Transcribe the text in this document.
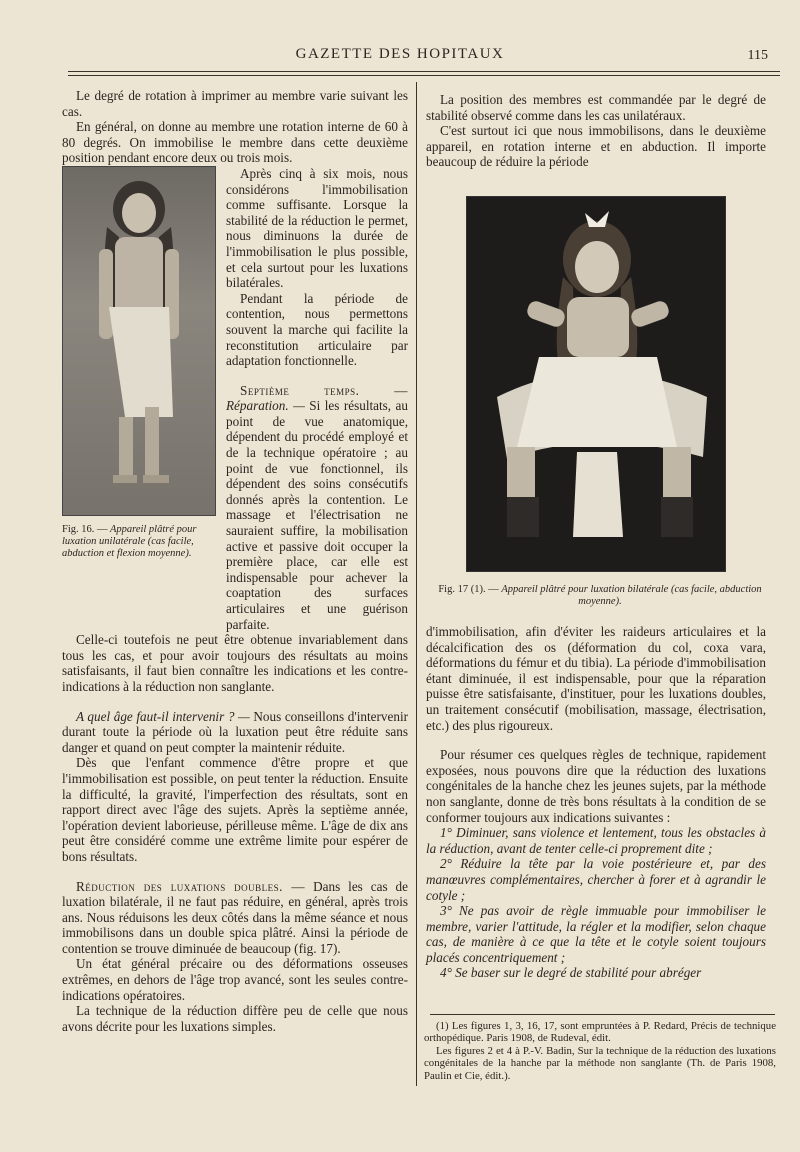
GAZETTE DES HOPITAUX	115

Le degré de rotation à imprimer au membre varie suivant les cas.

En général, on donne au membre une rotation interne de 60 à 80 degrés. On immobilise le membre dans cette deuxième position pendant encore deux ou trois mois.

Fig. 16. — Appareil plâtré pour luxation unilatérale (cas facile, abduction et flexion moyenne).

Après cinq à six mois, nous considérons l'immobilisation comme suffisante. Lorsque la stabilité de la réduction le permet, nous diminuons la durée de l'immobilisation le plus possible, et cela surtout pour les luxations bilatérales.

Pendant la période de contention, nous permettons souvent la marche qui facilite la reconstitution articulaire par adaptation fonctionnelle.

Septième temps. — Réparation. — Si les résultats, au point de vue anatomique, dépendent du procédé employé et de la technique opératoire ; au point de vue fonctionnel, ils dépendent des soins consécutifs donnés après la contention. Le massage et l'électrisation ne sauraient suffire, la mobilisation active et passive doit occuper la première place, car elle est indispensable pour achever la coaptation des surfaces articulaires et une guérison parfaite.

Celle-ci toutefois ne peut être obtenue invariablement dans tous les cas, et pour avoir toujours des résultats au moins satisfaisants, il faut bien connaître les indications et les contre-indications à la réduction non sanglante.

A quel âge faut-il intervenir ? — Nous conseillons d'intervenir durant toute la période où la luxation peut être réduite sans danger et quand on peut compter la maintenir réduite.

Dès que l'enfant commence d'être propre et que l'immobilisation est possible, on peut tenter la réduction. Ensuite la difficulté, la gravité, l'imperfection des résultats, sont en rapport direct avec l'âge des sujets. Après la septième année, l'opération devient laborieuse, périlleuse même. L'âge de dix ans peut être considéré comme une extrême limite pour espérer de bons résultats.

Réduction des luxations doubles. — Dans les cas de luxation bilatérale, il ne faut pas réduire, en général, après trois ans. Nous réduisons les deux côtés dans la même séance et nous immobilisons dans un double spica plâtré. Ainsi la période de contention se trouve diminuée de beaucoup (fig. 17).

Un état général précaire ou des déformations osseuses extrêmes, en dehors de l'âge trop avancé, sont les seules contre-indications opératoires.

La technique de la réduction diffère peu de celle que nous avons décrite pour les luxations simples.

La position des membres est commandée par le degré de stabilité observé comme dans les cas unilatéraux.

C'est surtout ici que nous immobilisons, dans le deuxième appareil, en rotation interne et en abduction. Il importe beaucoup de réduire la période

Fig. 17 (1). — Appareil plâtré pour luxation bilatérale (cas facile, abduction moyenne).

d'immobilisation, afin d'éviter les raideurs articulaires et la décalcification des os (déformation du col, coxa vara, déformations du fémur et du tibia). La période d'immobilisation étant diminuée, il est indispensable, pour que la réparation puisse être satisfaisante, d'instituer, pour les luxations doubles, un traitement consécutif (mobilisation, massage, électrisation, etc.) des plus rigoureux.

Pour résumer ces quelques règles de technique, rapidement exposées, nous pouvons dire que la réduction des luxations congénitales de la hanche chez les jeunes sujets, par la méthode non sanglante, donne de très bons résultats à la condition de se conformer toujours aux indications suivantes :

1° Diminuer, sans violence et lentement, tous les obstacles à la réduction, avant de tenter celle-ci proprement dite ;

2° Réduire la tête par la voie postérieure et, par des manœuvres complémentaires, chercher à forer et à agrandir le cotyle ;

3° Ne pas avoir de règle immuable pour immobiliser le membre, varier l'attitude, la régler et la modifier, selon chaque cas, de manière à ce que la tête et le cotyle soient toujours placés concentriquement ;

4° Se baser sur le degré de stabilité pour abréger

(1) Les figures 1, 3, 16, 17, sont empruntées à P. Redard, Précis de technique orthopédique. Paris 1908, de Rudeval, édit.

Les figures 2 et 4 à P.-V. Badin, Sur la technique de la réduction des luxations congénitales de la hanche par la méthode non sanglante (Th. de Paris 1908, Paulin et Cie, édit.).
